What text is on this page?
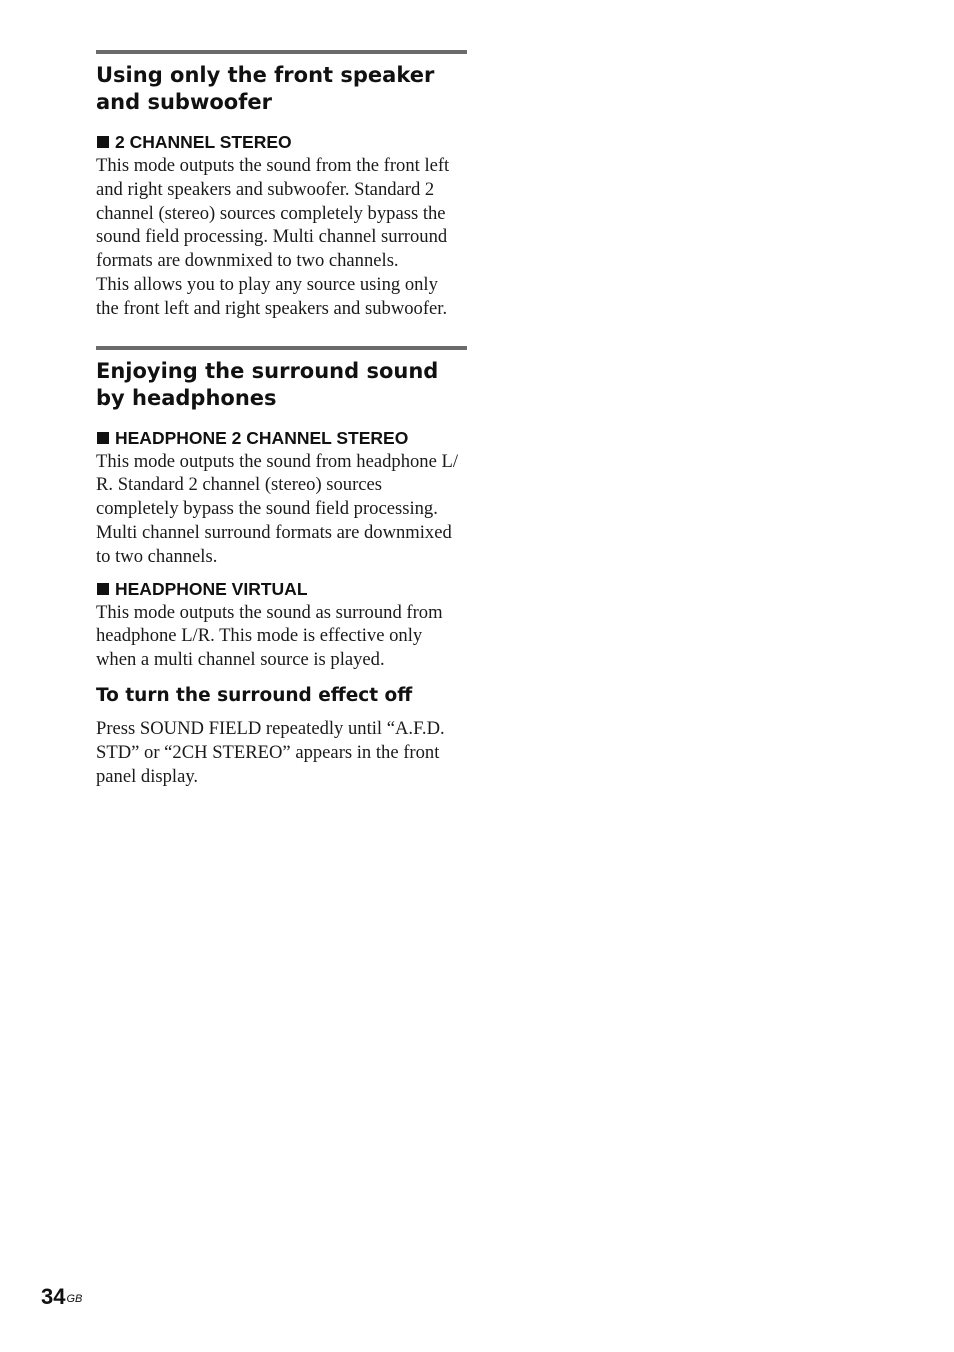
Using only the front speaker
and subwoofer
2 CHANNEL STEREO

This mode outputs the sound from the front left
and right speakers and subwoofer. Standard 2
channel (stereo) sources completely bypass the
sound field processing. Multi channel surround
formats are downmixed to two channels.
This allows you to play any source using only
the front left and right speakers and subwoofer.

Enjoying the surround sound
by headphones
HEADPHONE 2 CHANNEL STEREO

This mode outputs the sound from headphone L/
R. Standard 2 channel (stereo) sources
completely bypass the sound field processing.
Multi channel surround formats are downmixed
to two channels.

HEADPHONE VIRTUAL

This mode outputs the sound as surround from
headphone L/R. This mode is effective only
when a multi channel source is played.

To turn the surround effect off

Press SOUND FIELD repeatedly until “A.F.D.
STD” or “2CH STEREO” appears in the front
panel display.

$34^{GB}$
